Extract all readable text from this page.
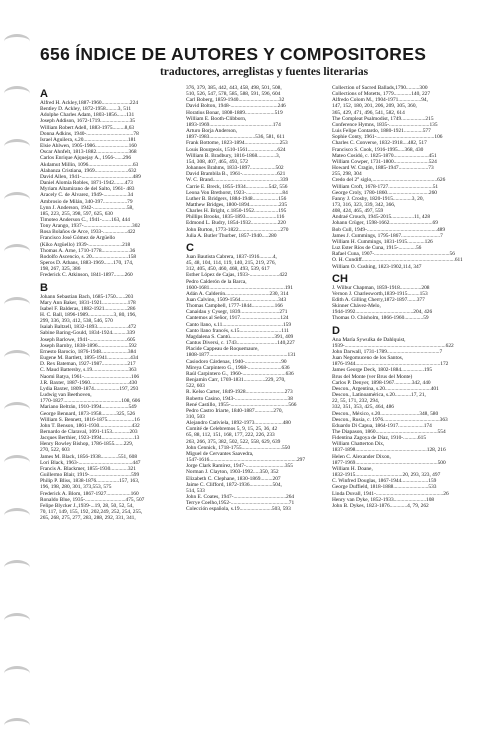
656 ÍNDICE DE AUTORES Y COMPOSITORES
traductores, arreglistas y fuentes literarias
A
Alfred H. Ackley,1887-1960.....................224
Bentley D. Ackley, 1872-1958.........3, 511
Adolphe Charles Adam, 1803-1856.......131
Joseph Addison, 1672-1719......................35
William Robert Adell, 1883-1975.........8,63
Donna Adkins, 1940-...................................78
Israel Aguilera, s.20.................................181
Elsie Ahlwen, 1905-1986.........................160
Oscar Ahnfelt, 1813-1882........................368
Carlos Enrique Ajquejay A., 1956-......296
Akdamut Millin, 1096.................................63
Alabanza Cristiana, 1969.........................632
David Allen, 1941-......................................489
Daniel Alomía Robles, 1871-1942........473
Myriam Altamirano de del Salto, 1961- 483
Aracely C. de Álvarez, 1949-..................34
Ambrosio de Milán, 340-397..................79
Lynn J. Anderson, 1942-.........................58,
185, 223, 255, 398, 597, 625, 630
Timoteo Anderson C., 1941-.......163, 444
Tony Arango, 1937-....................................302
Rosa Bolaños de Arce, 1933-..................422
Francisco José Gómez de Argüello
(Kiko Argüello) 1939-.........................218
Thomas A. Arne, 1710-1778.....................36
Rodolfo Ascencio, s. 20...........................158
Speros D. Athans, 1883-1969.......170, 174,
198, 267, 325, 386
Frederick C. Atkinson, 1841-1897........260
B
Johann Sebastian Bach, 1685-1750.......203
Mary Ann Baker, 1831-1921...................178
Isabel F. Balderas, 1882-1921.................286
H. C. Ball, 1896-1989...................3, 80, 196,
299, 336, 393, 412, 538, 546, 570
Isaiah Baltzell, 1832-1893.......................472
Sabine Baring-Gould, 1834-1924...........339
Joseph Barlowe, 1941-............................605
Joseph Barnby, 1838-1896.......................592
Ernesto Barocio, 1876-1948....................384
Eugene M. Bartlett, 1895-1941.................434
D. Rex Bateman, 1927-1987...................217
C. Maud Battersby, s.19...........................363
Naomi Batya, 1961-...................................106
J.R. Baxter, 1887-1960.............................430
Lydia Baxter, 1809-1874...................197, 293
Ludwig van Beethoven,
1770-1827...........................................108, 606
Mariano Beltrán, 1910-1994....................549
George Bennard, 1873-1958...........325, 526
William S. Bennett, 1816-1875....................16
John T. Benson, 1861-1930........................432
Bernardo de Claraval, 1091-1153.............203
Jacques Berthier, 1923-1994........................13
Henry Rowley Bishop, 1786-1855.......229,
270, 522, 603
James M. Black, 1856-1938.............551, 608
Lori Black, 1963-........................................447
Francis A. Blackmer, 1855-1930.............321
Guillermo Blair, 1919-...............................599
Philip P. Bliss, 1838-1876.................157, 163,
196, 198, 280, 301, 373,553, 575
Frederick A. Blom, 1867-1927..................160
Ronaldo Blue, 1935-..............................475, 507
Felipe Blycker J.,1939-...19, 28, 50, 52, 54,
70, 117, 149, 155, 192, 202,249, 252, 254, 255,
265, 268, 275, 277, 283, 288, 292, 331, 341,
376, 379, 385, 442, 443, 458, 498, 501, 508,
510, 526, 547, 578, 585, 588, 591, 596, 604
Carl Boberg, 1859-1940..............................32
David Bolton, 1948-...................................246
Horatius Bonar, 1808-1889......................519
William E. Booth-Clibborn,
1893-1969...............................................174
Arturo Borja Anderson,
1897-1983..................................536, 581, 611
Frank Bottome, 1823-1894..........................253
Louis Bourgeois, 1510-1561......................624
William B. Bradbury, 1816-1868..............3,
154, 308, 407, 465, 493, 572
Johannes Brahms, 1833-1897...................502
David Brambila B., 1961-..........................621
W. C. Brand..................................................339
Carrie E. Breck, 1855-1934.................542, 556
Leona Von Brethorst, 1923-...........................84
Luther B. Bridgers, 1884-1948...................156
Matthew Bridges, 1800-1894......................235
Charles H. Bright, c.1850-1952..................195
Phillips Brooks, 1835-1893.......................116
Edmond L. Budry, 1854-1932....................220
John Burton, 1773-1822...............................270
Julia A. Butler Thurber, 1857-1940.....280
C
Juan Bautista Cabrera, 1837-1916..........4,
45, 48, 104, 114, 119, 140, 215, 219, 276,
312, 405, 450, 460, 468, 493, 539, 617
Esther López de Cajas, 1933-......................422
Pedro Calderón de la Barca,
1600-1681........................................................191
Adán A. Calderón.................................230, 314
Juan Calvino, 1509-1564............................343
Thomas Campbell, 1777-1844.................166
Canaidau y Cysegr, 1839.............................271
Cantemos al Señor, 1917..............................124
Canto llano, s.11.............................................159
Canto llano francés, s.15...............................111
Magdalena S. Cantú.................................391, 409
Cantus Diversi, c. 1743..............................140,227
Placide Cappeau de Roquemaure,
1808-1877..........................................................131
Casiodoro Cárdenas, 1940-...........................90
Mireya Carpintero G., 1968-.........................636
Raúl Carpintero G., 1960-................................636
Benjamín Carr, 1769-1831................229, 270,
522, 603
R. Kelso Carter, 1849-1928.............................273
Roberto Casino, 1943-.......................................38
René Castillo, 1955-...........................................566
Pedro Castro Iriarte, 1840-1887..............270,
310, 503
Alejandro Cativiela, 1892-1973.....................480
Comité de Celebremos 5, 9, 15, 25, 36, 42
65, 88, 112, 151, 168, 177, 222, 226, 233
263, 266, 375, 382, 502, 522, 558, 629, 639
John Cennick, 1718-1755..............................550
Miguel de Cervantes Saavedra,
1547-1616.................................................................297
Jorge Clark Ramírez, 1947-.............................355
Norman J. Clayton, 1903-1992.....350, 352
Elizabeth C. Clephane, 1830-1869.........207
Jaime C. Clifford, 1872-1936.................504,
514, 533
John E. Coates, 1947-.......................................264
Terrye Coelho,1952-...........................................71
Colección española, s.19........................503, 593
Collection of Sacred Ballads,1790..........300
Collections of Motetts, 1779.............140, 227
Alfredo Colom M., 1904-1971.................94,
147, 152, 180, 201, 206, 209, 305, 360,
365, 429, 471, 496, 541, 582, 614
The Compleat Psalmodist, 1749..................215
Conference Hymns, 1835-..............................135
Luis Felipe Contardo, 1880-1921..............577
Sophie Conty, 1961-...........................................106
Charles C. Converse, 1832-1918....482, 517
Francisco S. Cook, 1916-1995.....368, 430
Mateo Cosidó, c. 1825-1870..........................451
William Cowper, 1731-1800..........................524
Howard W. Cragin, 1885-1947......................73
255, 298, 304
Credo del 2° siglo,................................................626
William Croft, 1678-1727.................................51
George Croly, 1780-1860...............................260
Fanny J. Crosby, 1820-1915..............3, 20,
173, 316, 323, 339, 342, 366,
408, 424, 465, 497, 559
Andraé Crouch, 1945-2015.................11, 428
Johann Crüger, 1598-1662................................69
Bob Cull, 1949-....................................................489
James J. Cummings, 1795-1867.............................7
William H. Cummings, 1831-1915.............126
Luz Ester Ríos de Cuna, 1915-.............56
Rafael Cuna, 1907-........................................................56
O. H. Cundiff.....................................................................611
William O. Cushing, 1823-1902,114, 347
CH
J. Wilbur Chapman, 1859-1918................208
Vernon J. Charlesworth,1839-1915.........153
Edith A. Gilling Cherry,1872-1897.......377
Skinner Chávez-Melo,
1944-1992...........................................204, 426
Thomas O. Chisholm, 1866-1960..............59
D
Ana María Sywulka de Dahlquist,
1939-...........................................................................622
John Darwall, 1731-1789.......................................7
Juan Negomuceno de los Santos,
1876-1944...............................................................172
James George Deck, 1802-1884.................195
Brus del Monte (ver Brus del Monte)
Carlos P. Denyer, 1898-1967.............342, 440
Descon., Argentina, s.20..................................401
Descon., Latinoamérica, s.20............17, 21,
22, 55, 171, 232, 294,
332, 351, 353, 425, 464, 486
Descon., México, s.20.............................348, 580
Descon., Rusia, c. 1976..........................................363
Eduardo Di Capua, 1864-1917...................174
The Diapason, 1860..............................................554
Fidentina Zagoya de Díaz, 1910-...........615
William Chatterton Dix,
1837-1898.....................................................128, 216
Helen C. Alexander Dixon,
1877-1969.............................................................500
William H. Doane,
1832-1915...................................20, 293, 323, 497
C. Winfred Douglas, 1867-1944....................159
George Duffield, 1818-1888..........................533
Linda Duvall, 1941-..................................................26
Henry van Dyke, 1852-1933........................108
John B. Dykes, 1823-1876.............4, 79, 262
